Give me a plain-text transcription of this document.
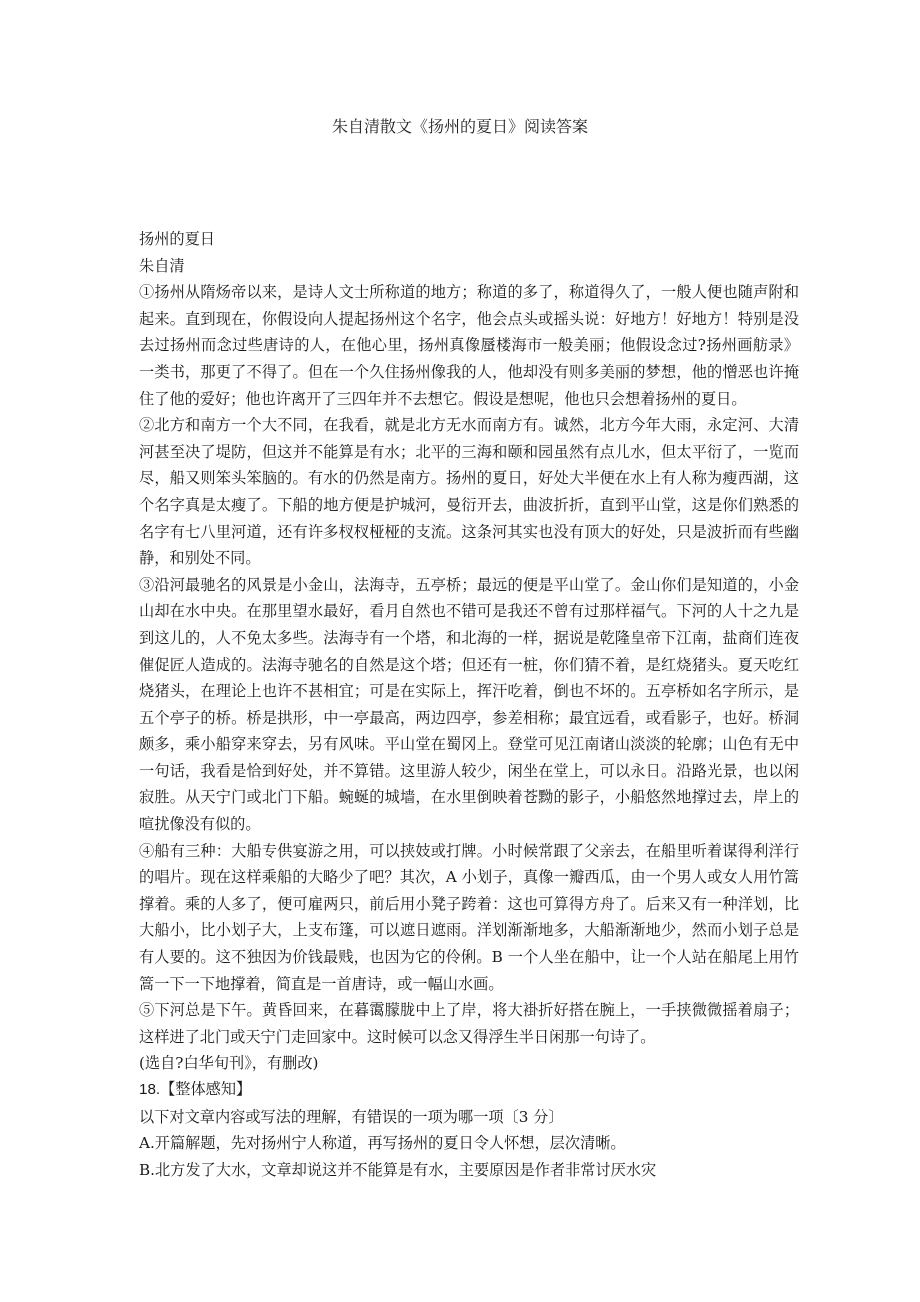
朱自清散文《扬州的夏日》阅读答案

扬州的夏日

朱自清

①扬州从隋炀帝以来，是诗人文士所称道的地方；称道的多了，称道得久了，一般人便也随声附和起来。直到现在，你假设向人提起扬州这个名字，他会点头或摇头说：好地方！好地方！特别是没去过扬州而念过些唐诗的人，在他心里，扬州真像蜃楼海市一般美丽；他假设念过?扬州画舫录》一类书，那更了不得了。但在一个久住扬州像我的人，他却没有则多美丽的梦想，他的憎恶也许掩住了他的爱好；他也许离开了三四年并不去想它。假设是想呢，他也只会想着扬州的夏日。

②北方和南方一个大不同，在我看，就是北方无水而南方有。诚然，北方今年大雨，永定河、大清河甚至决了堤防，但这并不能算是有水；北平的三海和颐和园虽然有点儿水，但太平衍了，一览而尽，船又则笨头笨脑的。有水的仍然是南方。扬州的夏日，好处大半便在水上有人称为瘦西湖，这个名字真是太瘦了。下船的地方便是护城河，曼衍开去，曲波折折，直到平山堂，这是你们熟悉的名字有七八里河道，还有许多杈杈桠桠的支流。这条河其实也没有顶大的好处，只是波折而有些幽静，和别处不同。

③沿河最驰名的风景是小金山，法海寺，五亭桥；最远的便是平山堂了。金山你们是知道的，小金山却在水中央。在那里望水最好，看月自然也不错可是我还不曾有过那样福气。下河的人十之九是到这儿的，人不免太多些。法海寺有一个塔，和北海的一样，据说是乾隆皇帝下江南，盐商们连夜催促匠人造成的。法海寺驰名的自然是这个塔；但还有一桩，你们猜不着，是红烧猪头。夏天吃红烧猪头，在理论上也许不甚相宜；可是在实际上，挥汗吃着，倒也不坏的。五亭桥如名字所示，是五个亭子的桥。桥是拱形，中一亭最高，两边四亭，参差相称；最宜远看，或看影子，也好。桥洞颇多，乘小船穿来穿去，另有风味。平山堂在蜀冈上。登堂可见江南诸山淡淡的轮廓；山色有无中一句话，我看是恰到好处，并不算错。这里游人较少，闲坐在堂上，可以永日。沿路光景，也以闲寂胜。从天宁门或北门下船。蜿蜒的城墙，在水里倒映着苍黝的影子，小船悠然地撑过去，岸上的喧扰像没有似的。

④船有三种：大船专供宴游之用，可以挟妓或打牌。小时候常跟了父亲去，在船里听着谋得利洋行的唱片。现在这样乘船的大略少了吧？其次，A 小划子，真像一瓣西瓜，由一个男人或女人用竹篙撑着。乘的人多了，便可雇两只，前后用小凳子跨着：这也可算得方舟了。后来又有一种洋划，比大船小，比小划子大，上支布篷，可以遮日遮雨。洋划渐渐地多，大船渐渐地少，然而小划子总是有人要的。这不独因为价钱最贱，也因为它的伶俐。B 一个人坐在船中，让一个人站在船尾上用竹篙一下一下地撑着，简直是一首唐诗，或一幅山水画。

⑤下河总是下午。黄昏回来，在暮霭朦胧中上了岸，将大褂折好搭在腕上，一手挟微微摇着扇子；这样进了北门或天宁门走回家中。这时候可以念又得浮生半日闲那一句诗了。

(选自?白华旬刊》，有删改)

18.【整体感知】

以下对文章内容或写法的理解，有错误的一项为哪一项〔3 分〕

A.开篇解题，先对扬州宁人称道，再写扬州的夏日令人怀想，层次清晰。

B.北方发了大水，文章却说这并不能算是有水，主要原因是作者非常讨厌水灾
